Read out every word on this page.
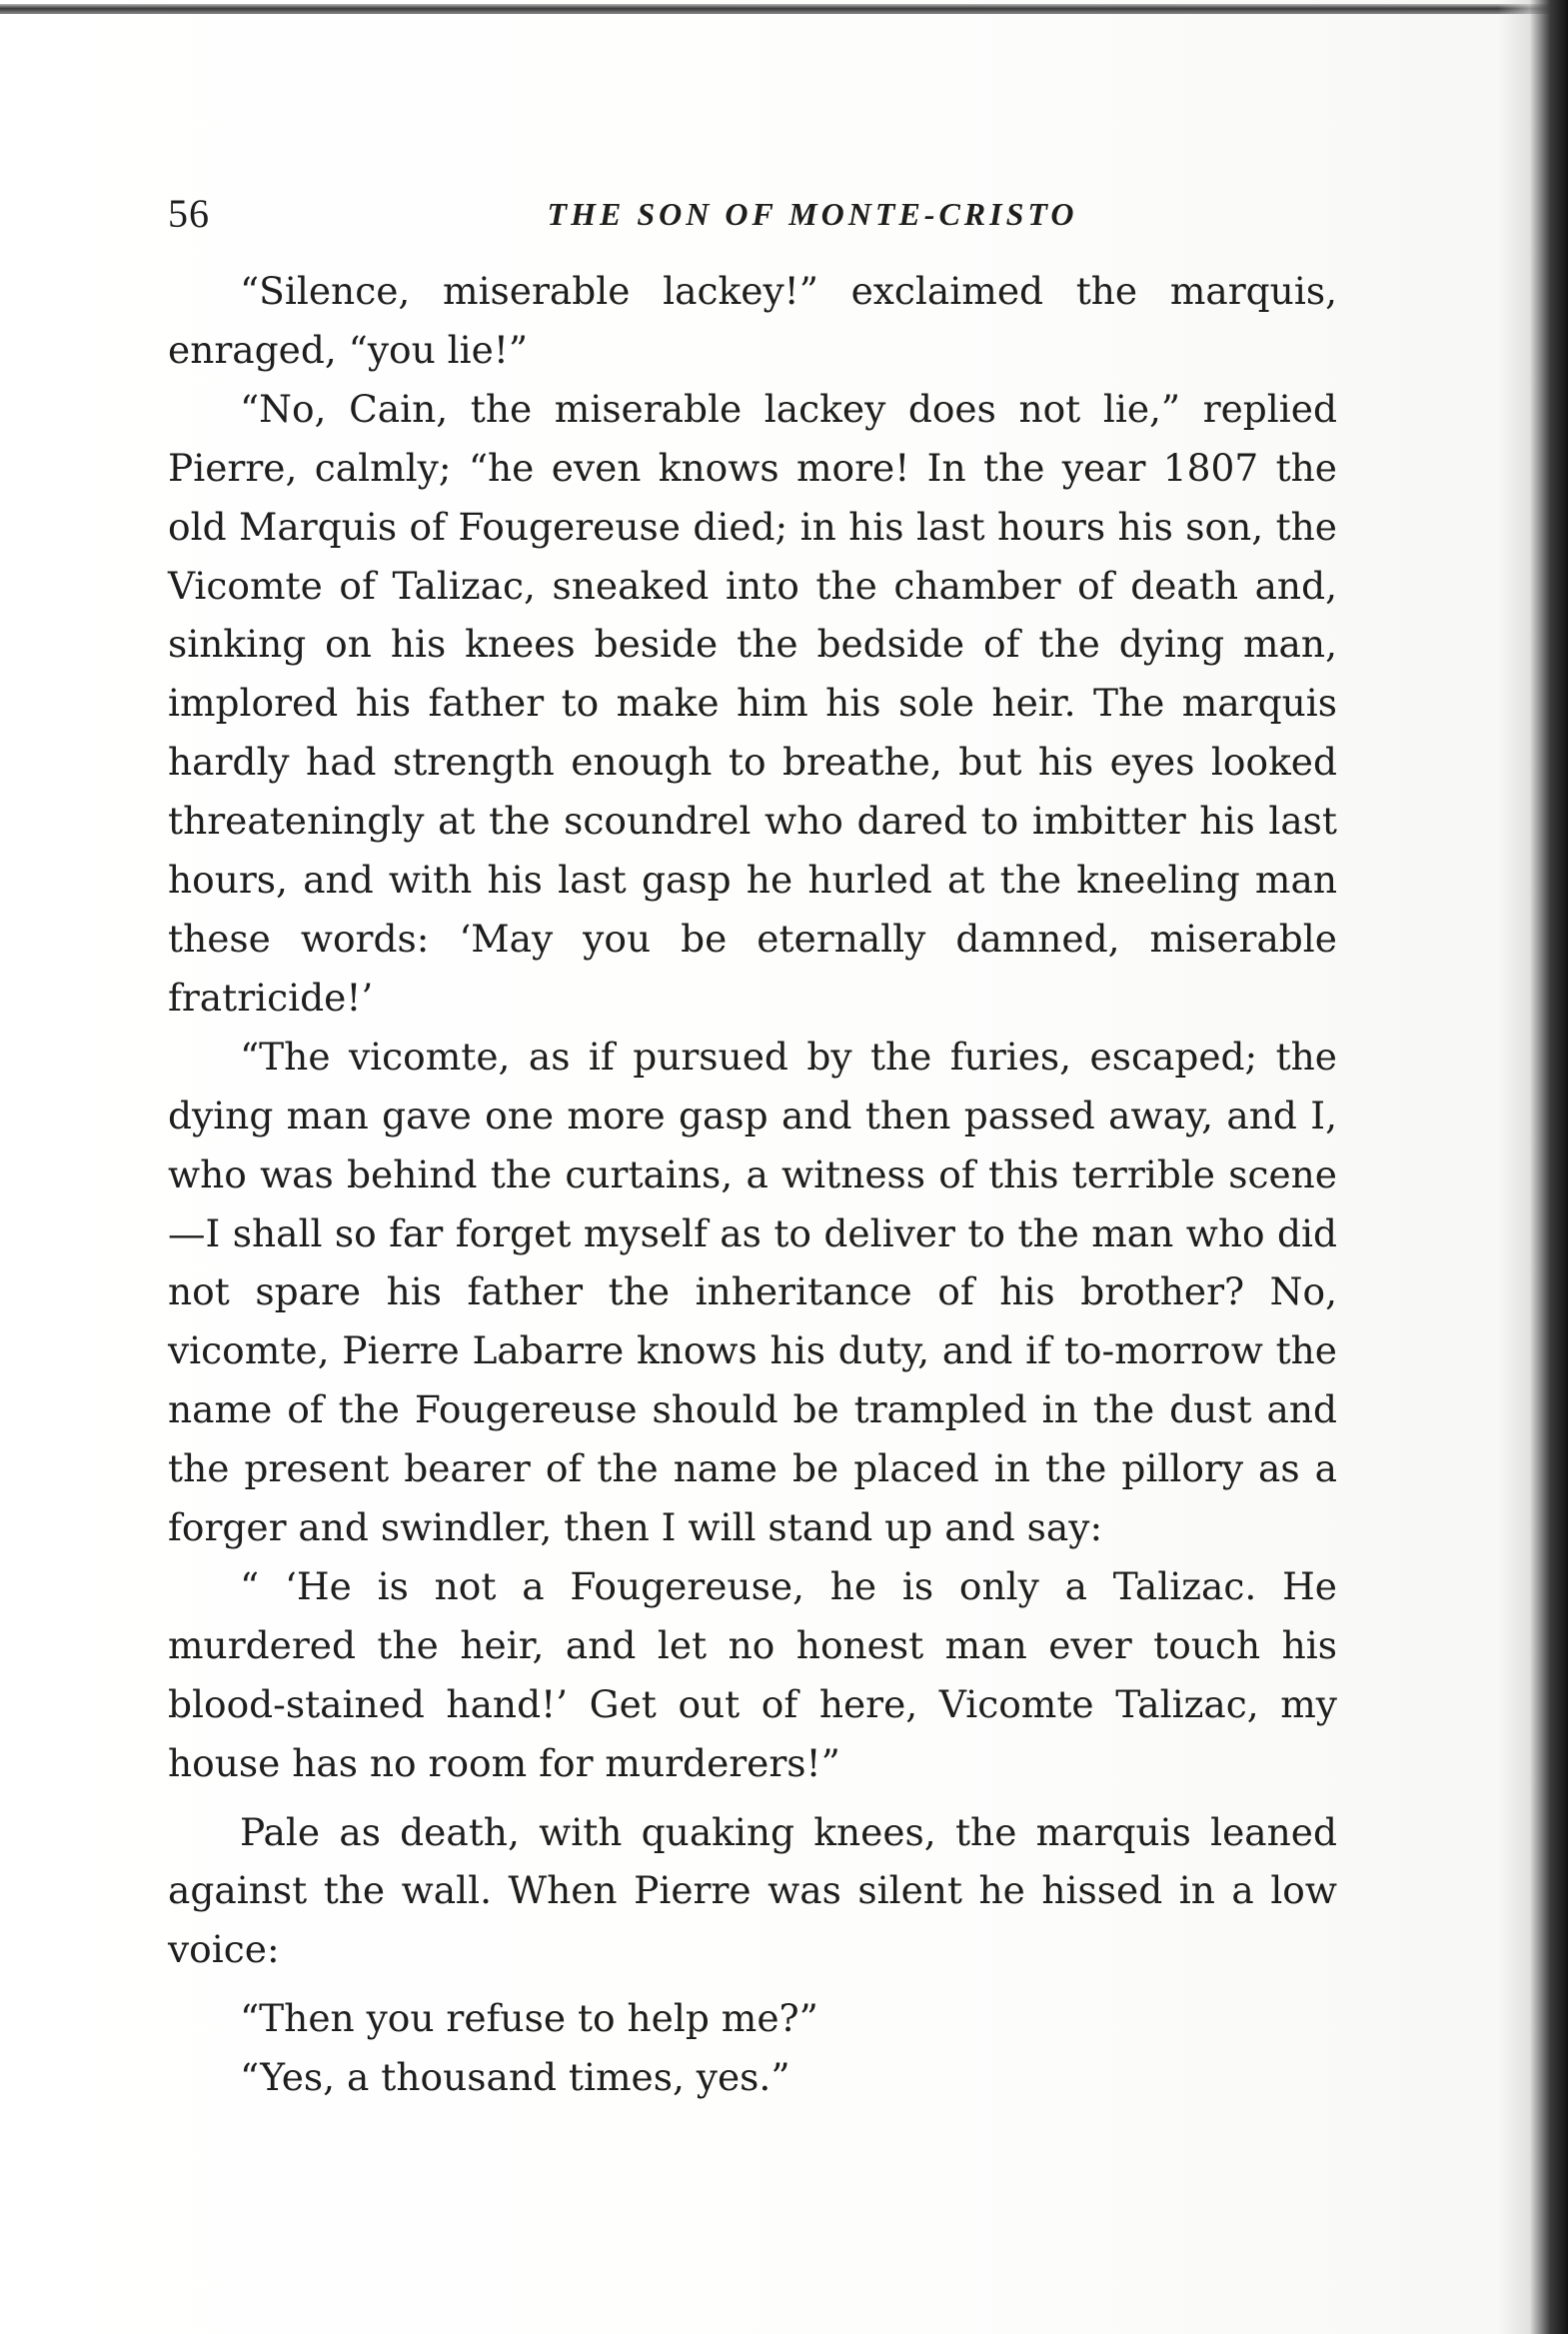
56	THE SON OF MONTE-CRISTO

“Silence, miserable lackey!” exclaimed the marquis, enraged, “you lie!”

“No, Cain, the miserable lackey does not lie,” replied Pierre, calmly; “he even knows more! In the year 1807 the old Marquis of Fougereuse died; in his last hours his son, the Vicomte of Talizac, sneaked into the chamber of death and, sinking on his knees beside the bedside of the dying man, implored his father to make him his sole heir. The marquis hardly had strength enough to breathe, but his eyes looked threateningly at the scoundrel who dared to imbitter his last hours, and with his last gasp he hurled at the kneeling man these words: ‘May you be eternally damned, miserable fratricide!’

“The vicomte, as if pursued by the furies, escaped; the dying man gave one more gasp and then passed away, and I, who was behind the curtains, a witness of this terrible scene—I shall so far forget myself as to deliver to the man who did not spare his father the inheritance of his brother? No, vicomte, Pierre Labarre knows his duty, and if to-morrow the name of the Fougereuse should be trampled in the dust and the present bearer of the name be placed in the pillory as a forger and swindler, then I will stand up and say:

“ ‘He is not a Fougereuse, he is only a Talizac. He murdered the heir, and let no honest man ever touch his blood-stained hand!’ Get out of here, Vicomte Talizac, my house has no room for murderers!”

Pale as death, with quaking knees, the marquis leaned against the wall. When Pierre was silent he hissed in a low voice:

“Then you refuse to help me?”

“Yes, a thousand times, yes.”
